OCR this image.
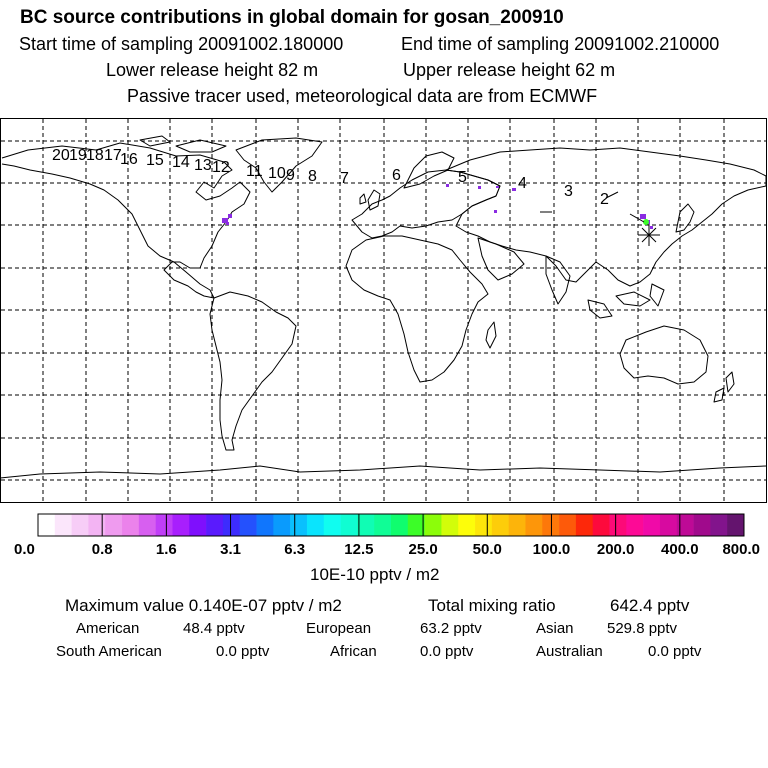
BC source contributions in global domain for gosan_200910
Start time of sampling 20091002.180000	End time of sampling 20091002.210000
Lower release height 82 m	Upper release height 62 m
Passive tracer used, meteorological data are from ECMWF
20 19 18 17
16 15 14 13 12 11 10 9 8 7	6	5	4 3 2
0.0	0.8	1.6	3.1	6.3	12.5 25.0 50.0 100.0 200.0 400.0 800.0
10E-10 pptv / m2
Maximum value 0.140E-07 pptv / m2	Total mixing ratio	642.4 pptv
American	48.4 pptv	European	63.2 pptv	Asian 529.8 pptv
South American	0.0 pptv	African	0.0 pptv	Australian	0.0 pptv
